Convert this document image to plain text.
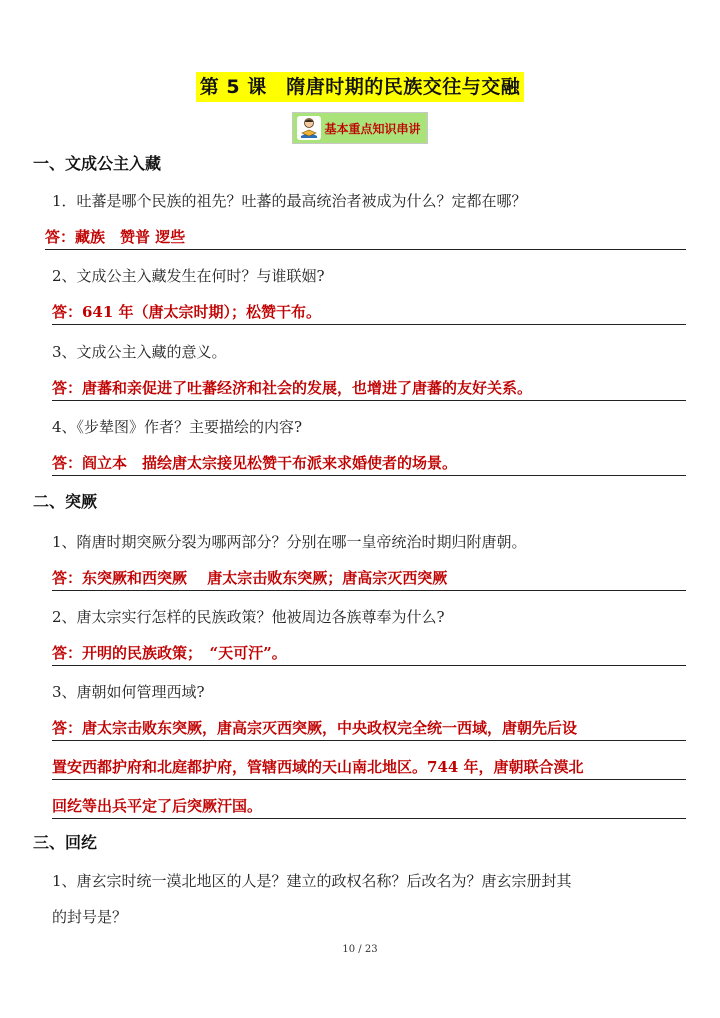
第 5 课　隋唐时期的民族交往与交融
基本重点知识串讲
一、文成公主入藏
1．吐蕃是哪个民族的祖先？吐蕃的最高统治者被成为什么？定都在哪？
答：藏族　赞普 逻些
2、文成公主入藏发生在何时？与谁联姻?
答：641 年（唐太宗时期）；松赞干布。
3、文成公主入藏的意义。
答：唐蕃和亲促进了吐蕃经济和社会的发展，也增进了唐蕃的友好关系。
4、《步辇图》作者？主要描绘的内容?
答：阎立本　描绘唐太宗接见松赞干布派来求婚使者的场景。
二、突厥
1、隋唐时期突厥分裂为哪两部分？分别在哪一皇帝统治时期归附唐朝。
答：东突厥和西突厥　 唐太宗击败东突厥；唐高宗灭西突厥
2、唐太宗实行怎样的民族政策？他被周边各族尊奉为什么?
答：开明的民族政策；　“天可汗”。
3、唐朝如何管理西域?
答：唐太宗击败东突厥，唐高宗灭西突厥，中央政权完全统一西域，唐朝先后设
置安西都护府和北庭都护府，管辖西域的天山南北地区。744 年，唐朝联合漠北
回纥等出兵平定了后突厥汗国。
三、回纥
1、唐玄宗时统一漠北地区的人是？建立的政权名称？后改名为？唐玄宗册封其
的封号是？
10 / 23
